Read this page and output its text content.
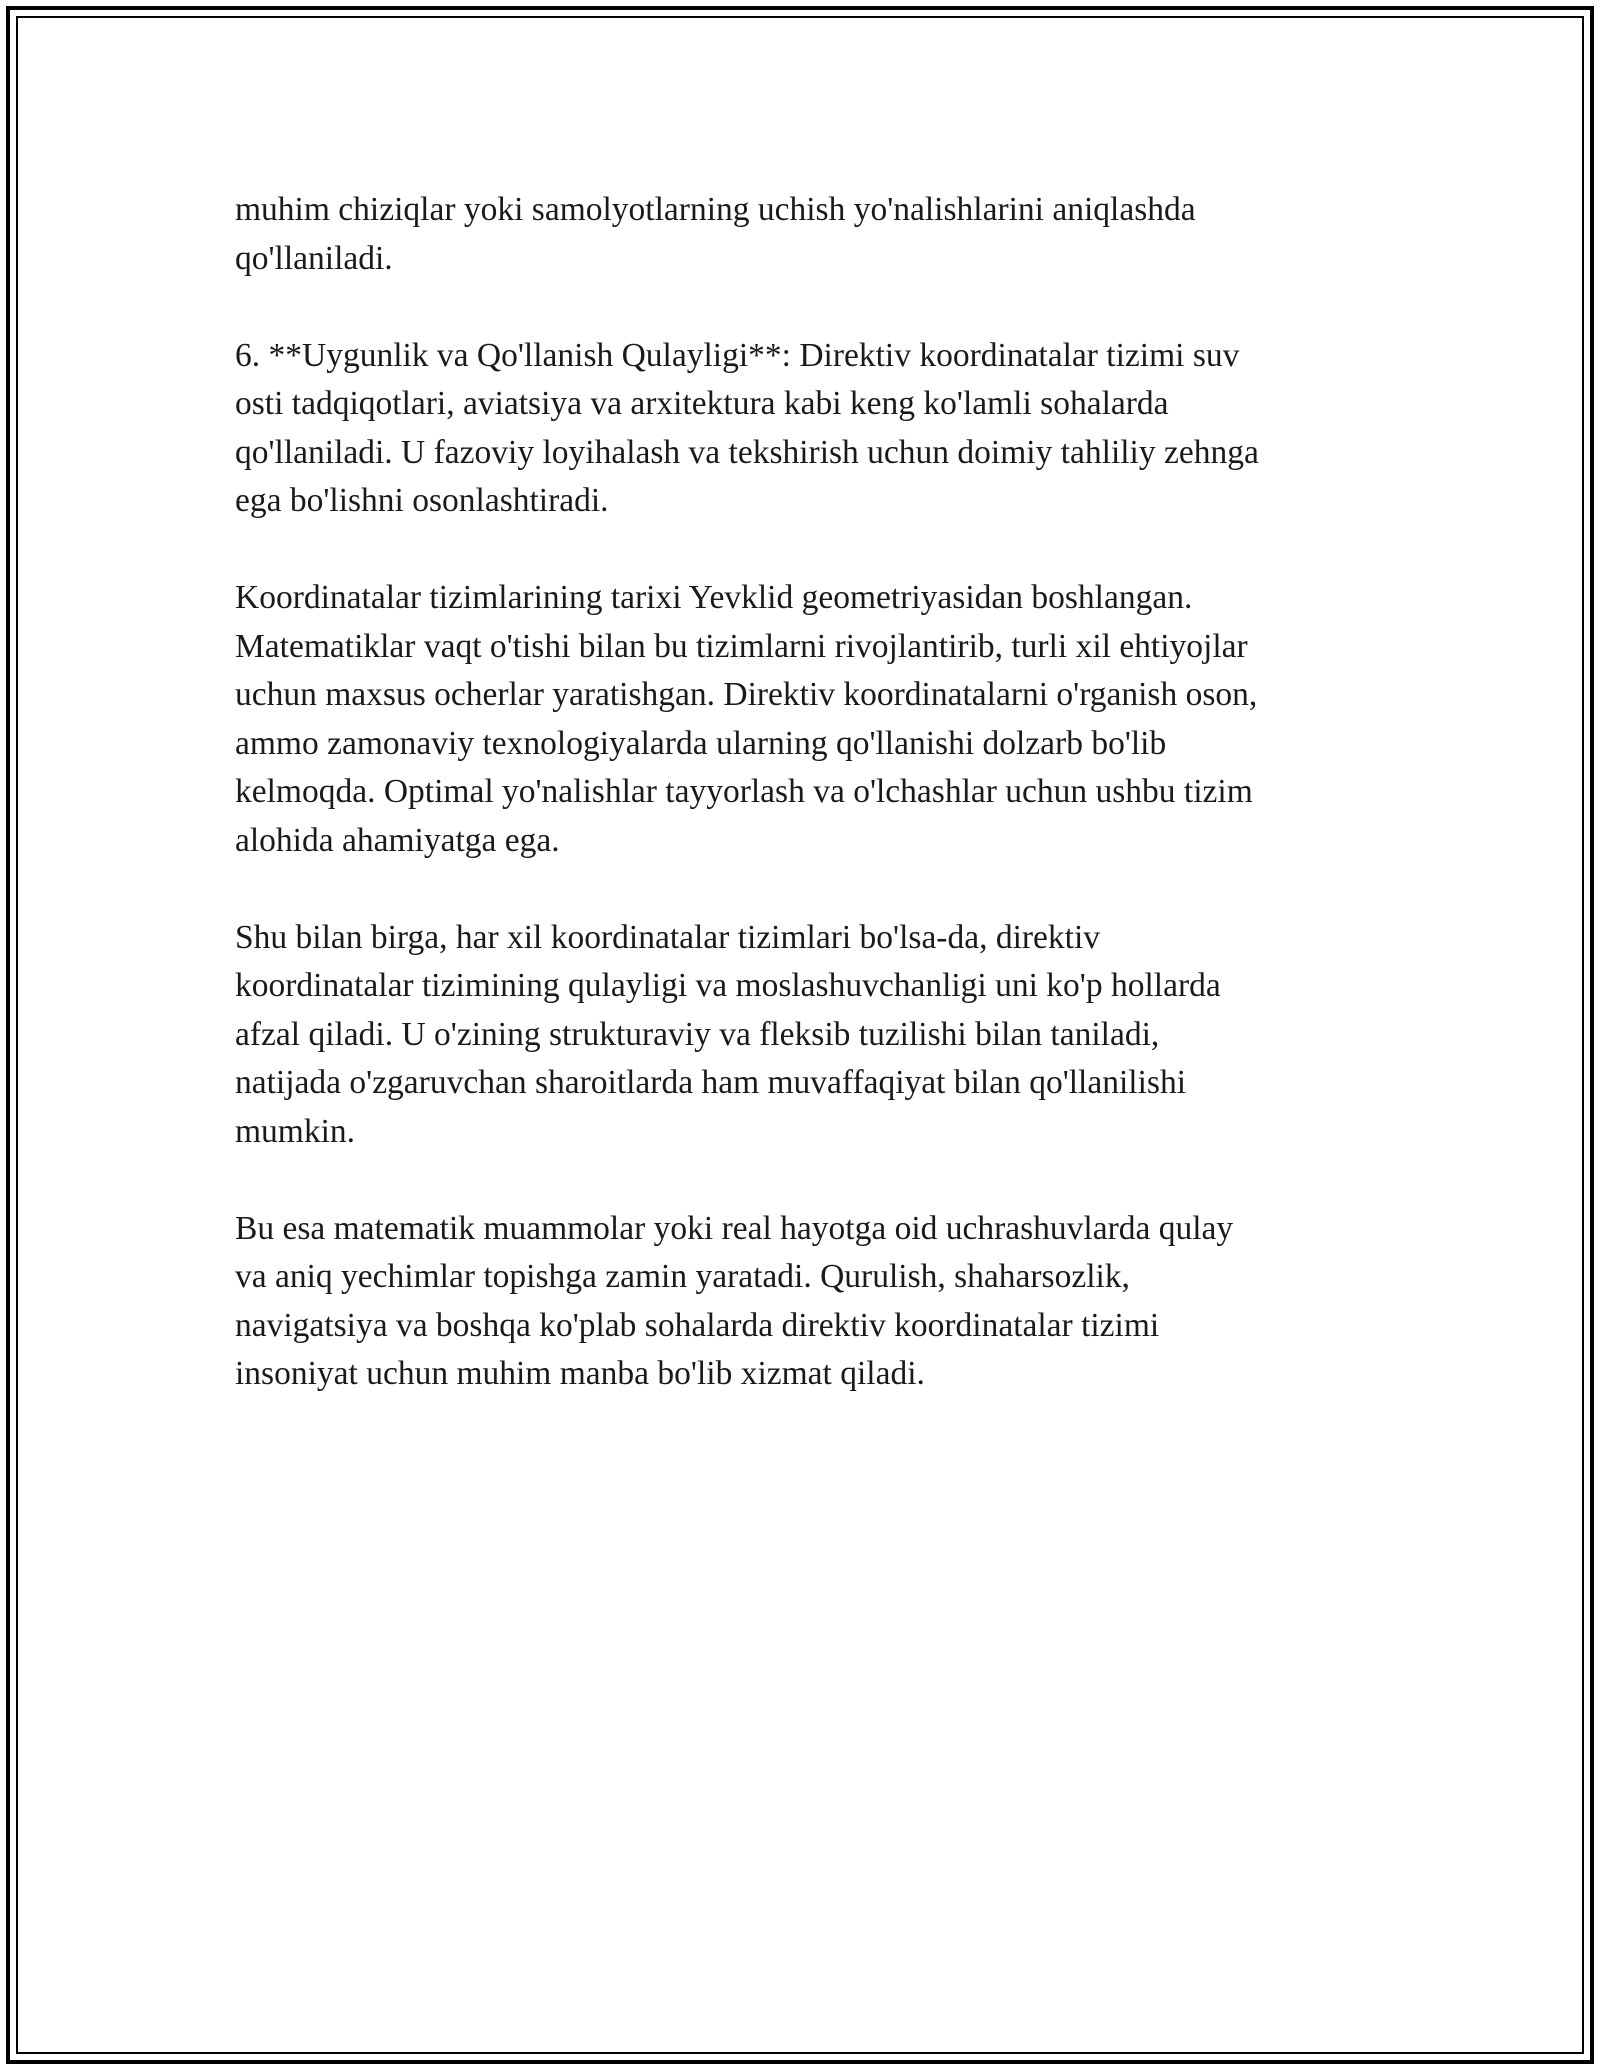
muhim chiziqlar yoki samolyotlarning uchish yo'nalishlarini aniqlashda
qo'llaniladi.

6. **Uygunlik va Qo'llanish Qulayligi**: Direktiv koordinatalar tizimi suv
osti tadqiqotlari, aviatsiya va arxitektura kabi keng ko'lamli sohalarda
qo'llaniladi. U fazoviy loyihalash va tekshirish uchun doimiy tahliliy zehnga
ega bo'lishni osonlashtiradi.

Koordinatalar tizimlarining tarixi Yevklid geometriyasidan boshlangan.
Matematiklar vaqt o'tishi bilan bu tizimlarni rivojlantirib, turli xil ehtiyojlar
uchun maxsus ocherlar yaratishgan. Direktiv koordinatalarni o'rganish oson,
ammo zamonaviy texnologiyalarda ularning qo'llanishi dolzarb bo'lib
kelmoqda. Optimal yo'nalishlar tayyorlash va o'lchashlar uchun ushbu tizim
alohida ahamiyatga ega.

Shu bilan birga, har xil koordinatalar tizimlari bo'lsa-da, direktiv
koordinatalar tizimining qulayligi va moslashuvchanligi uni ko'p hollarda
afzal qiladi. U o'zining strukturaviy va fleksib tuzilishi bilan taniladi,
natijada o'zgaruvchan sharoitlarda ham muvaffaqiyat bilan qo'llanilishi
mumkin.

Bu esa matematik muammolar yoki real hayotga oid uchrashuvlarda qulay
va aniq yechimlar topishga zamin yaratadi. Qurulish, shaharsozlik,
navigatsiya va boshqa ko'plab sohalarda direktiv koordinatalar tizimi
insoniyat uchun muhim manba bo'lib xizmat qiladi.
